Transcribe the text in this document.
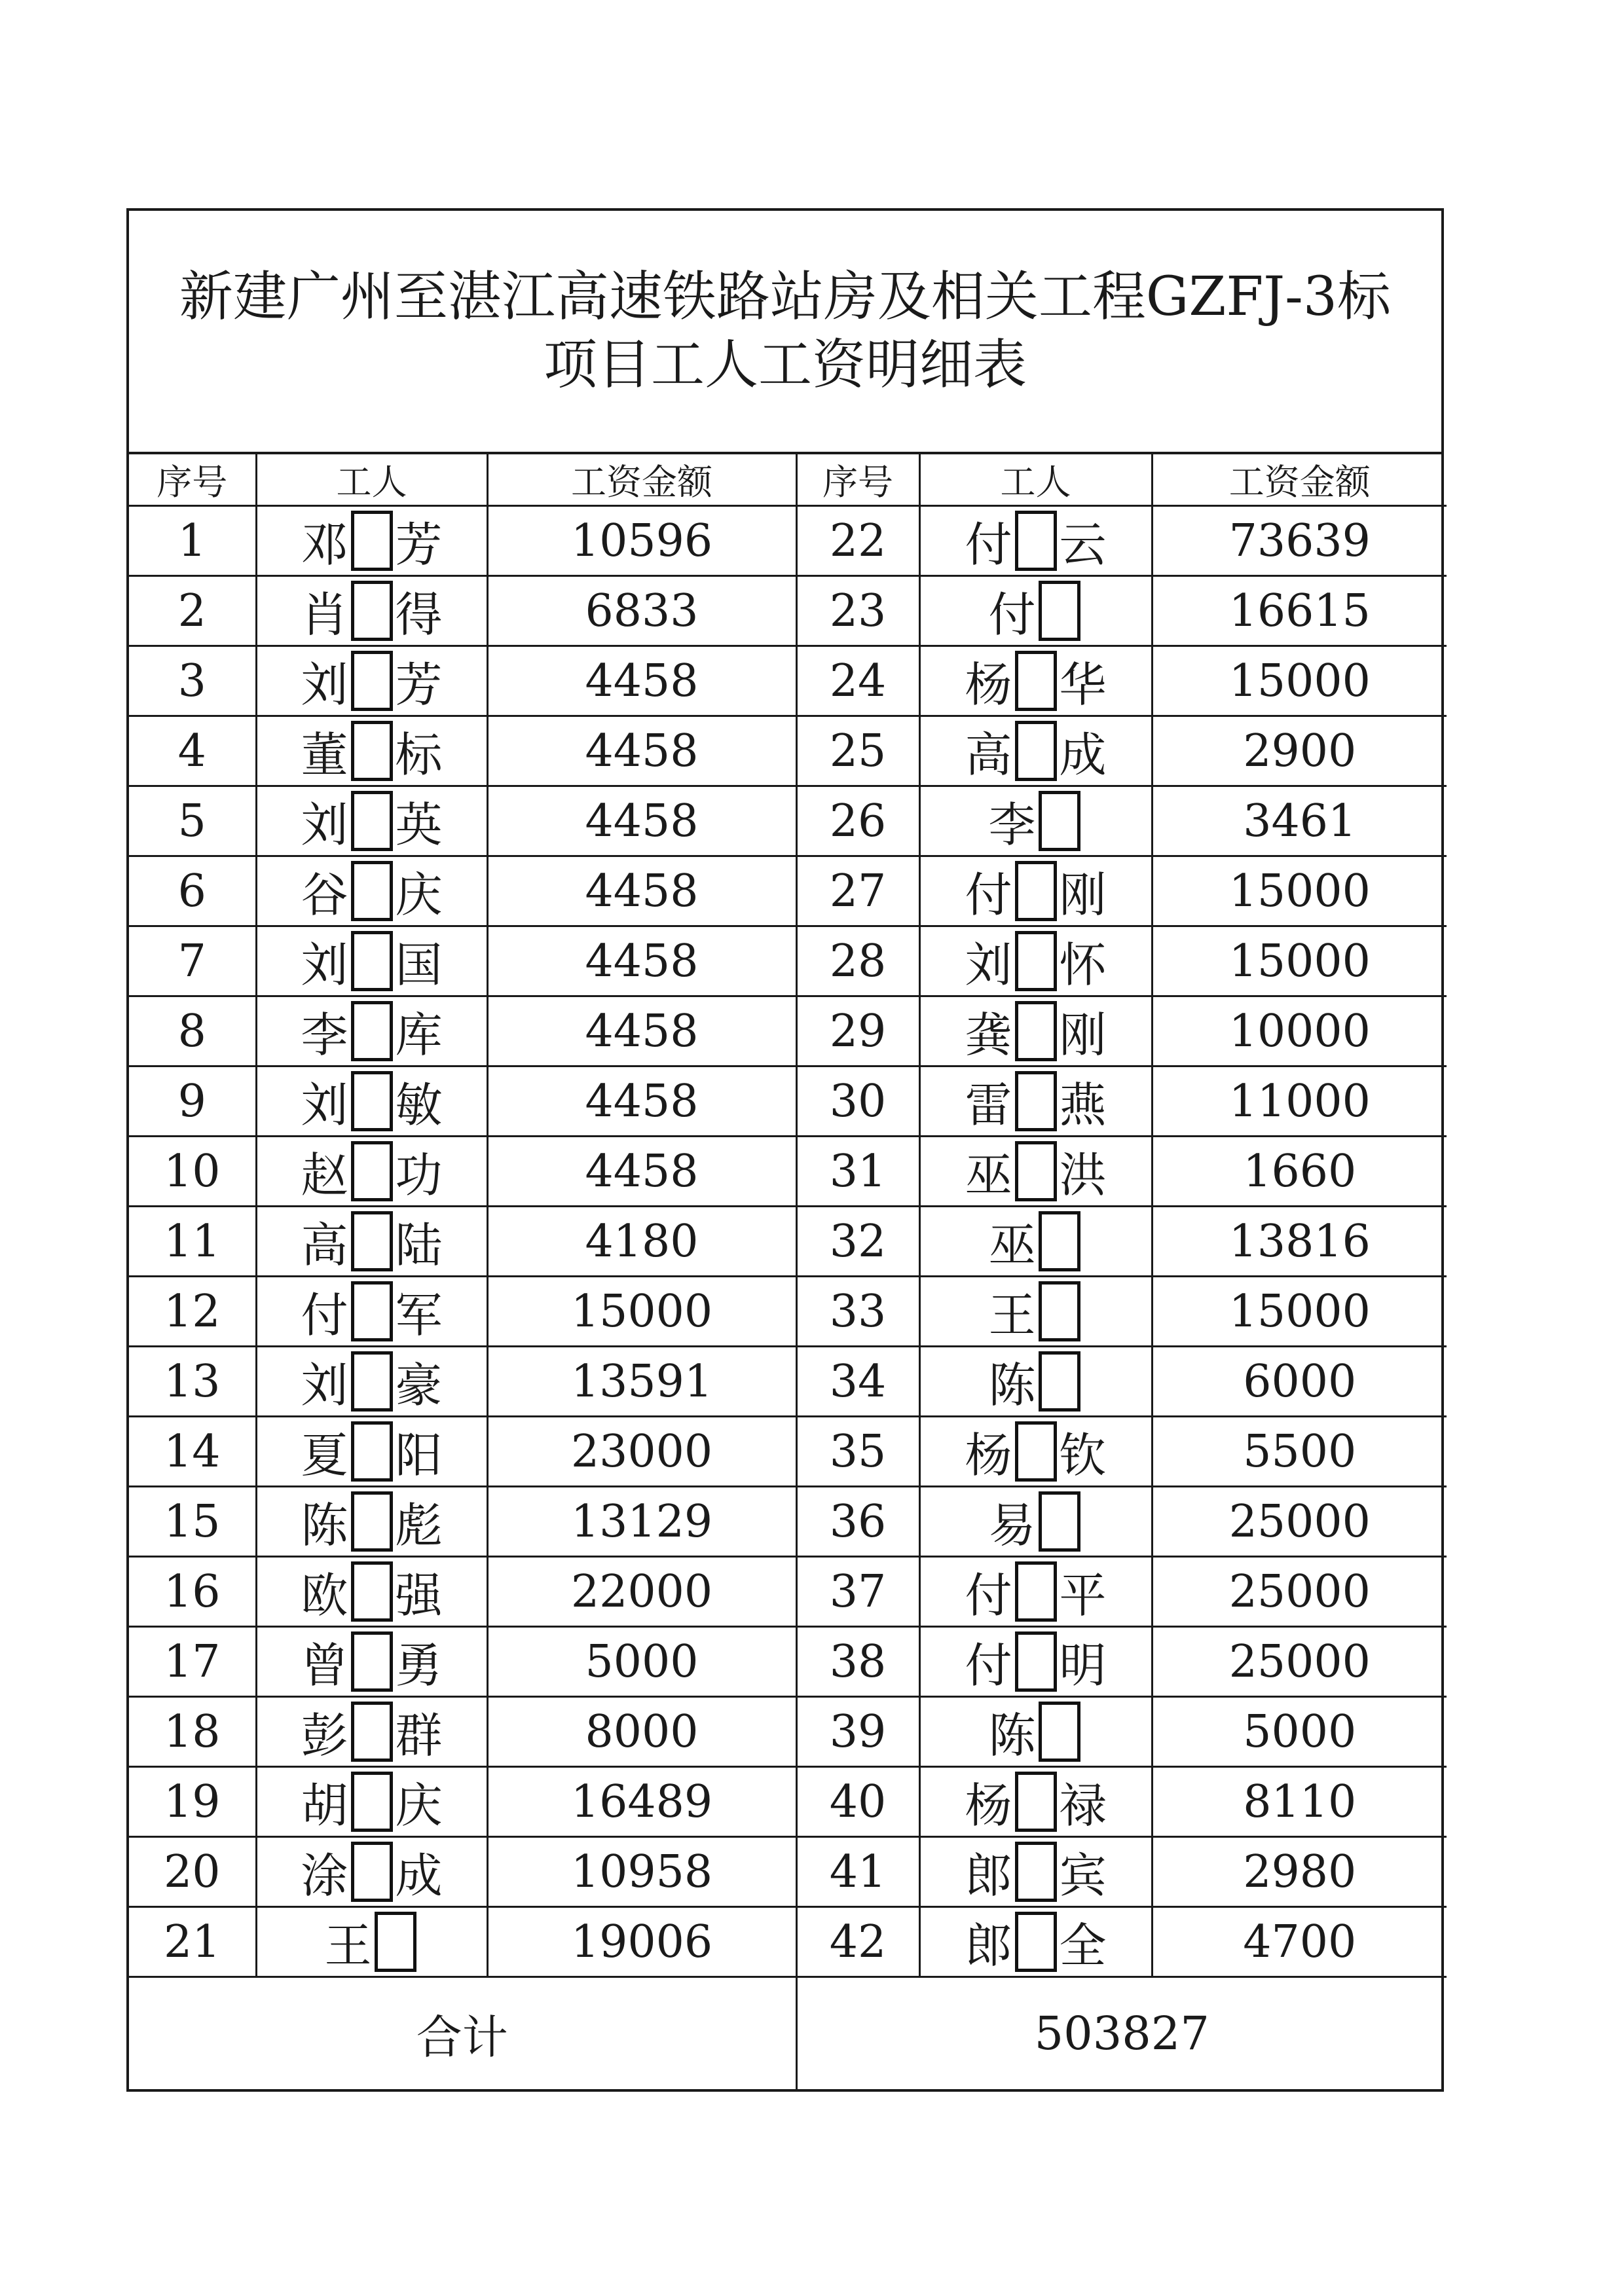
新建广州至湛江高速铁路站房及相关工程GZFJ-3标
项目工人工资明细表
序号	工人	工资金额	序号	工人	工资金额
1	邓 芳	10596	22	付 云	73639
2	肖 得	6833	23	付	16615
3	刘 芳	4458	24	杨 华	15000
4	董 标	4458	25	高 成	2900
5	刘 英	4458	26	李	3461
6	谷 庆	4458	27	付 刚	15000
7	刘 国	4458	28	刘 怀	15000
8	李 库	4458	29	龚 刚	10000
9	刘 敏	4458	30	雷 燕	11000
10	赵 功	4458	31	巫 洪	1660
11	高 陆	4180	32	巫	13816
12	付 军	15000	33	王	15000
13	刘 豪	13591	34	陈	6000
14	夏 阳	23000	35	杨 钦	5500
15	陈 彪	13129	36	易	25000
16	欧 强	22000	37	付 平	25000
17	曾 勇	5000	38	付 明	25000
18	彭 群	8000	39	陈	5000
19	胡 庆	16489	40	杨 禄	8110
20	涂 成	10958	41	郎 宾	2980
21	王	19006	42	郎 全	4700
合计			503827		
